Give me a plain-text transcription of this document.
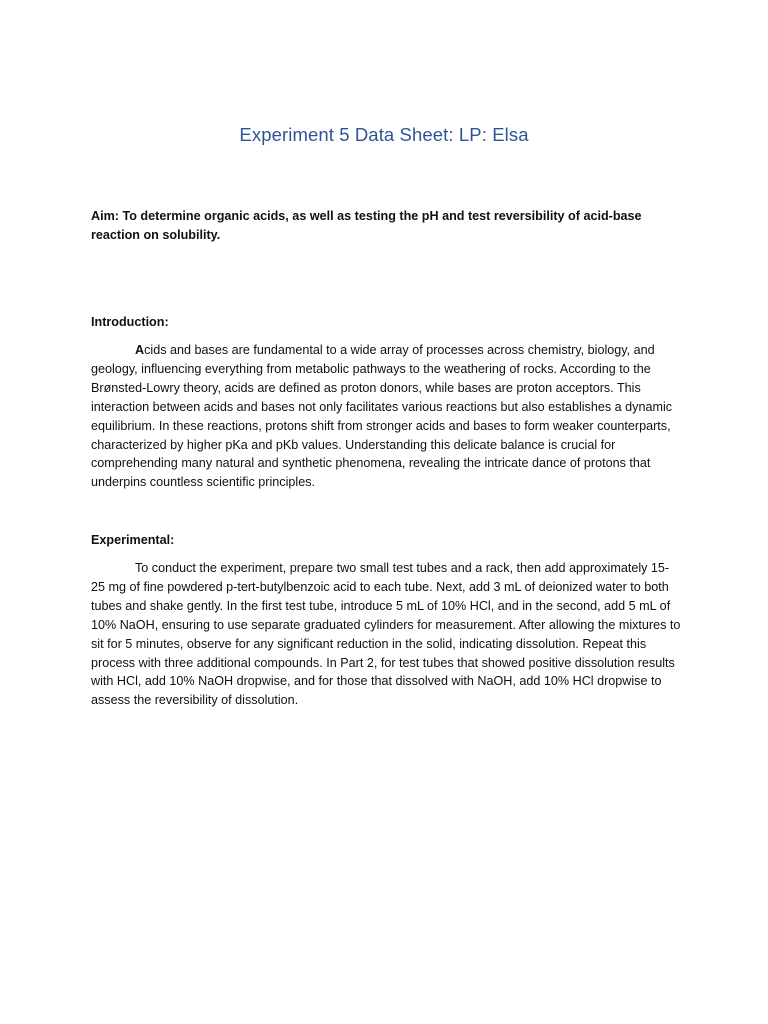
Experiment 5 Data Sheet: LP: Elsa

Aim: To determine organic acids, as well as testing the pH and test reversibility of acid-base reaction on solubility.

Introduction:

Acids and bases are fundamental to a wide array of processes across chemistry, biology, and geology, influencing everything from metabolic pathways to the weathering of rocks. According to the Brønsted-Lowry theory, acids are defined as proton donors, while bases are proton acceptors. This interaction between acids and bases not only facilitates various reactions but also establishes a dynamic equilibrium. In these reactions, protons shift from stronger acids and bases to form weaker counterparts, characterized by higher pKa and pKb values. Understanding this delicate balance is crucial for comprehending many natural and synthetic phenomena, revealing the intricate dance of protons that underpins countless scientific principles.

Experimental:

To conduct the experiment, prepare two small test tubes and a rack, then add approximately 15-25 mg of fine powdered p-tert-butylbenzoic acid to each tube. Next, add 3 mL of deionized water to both tubes and shake gently. In the first test tube, introduce 5 mL of 10% HCl, and in the second, add 5 mL of 10% NaOH, ensuring to use separate graduated cylinders for measurement. After allowing the mixtures to sit for 5 minutes, observe for any significant reduction in the solid, indicating dissolution. Repeat this process with three additional compounds. In Part 2, for test tubes that showed positive dissolution results with HCl, add 10% NaOH dropwise, and for those that dissolved with NaOH, add 10% HCl dropwise to assess the reversibility of dissolution.
